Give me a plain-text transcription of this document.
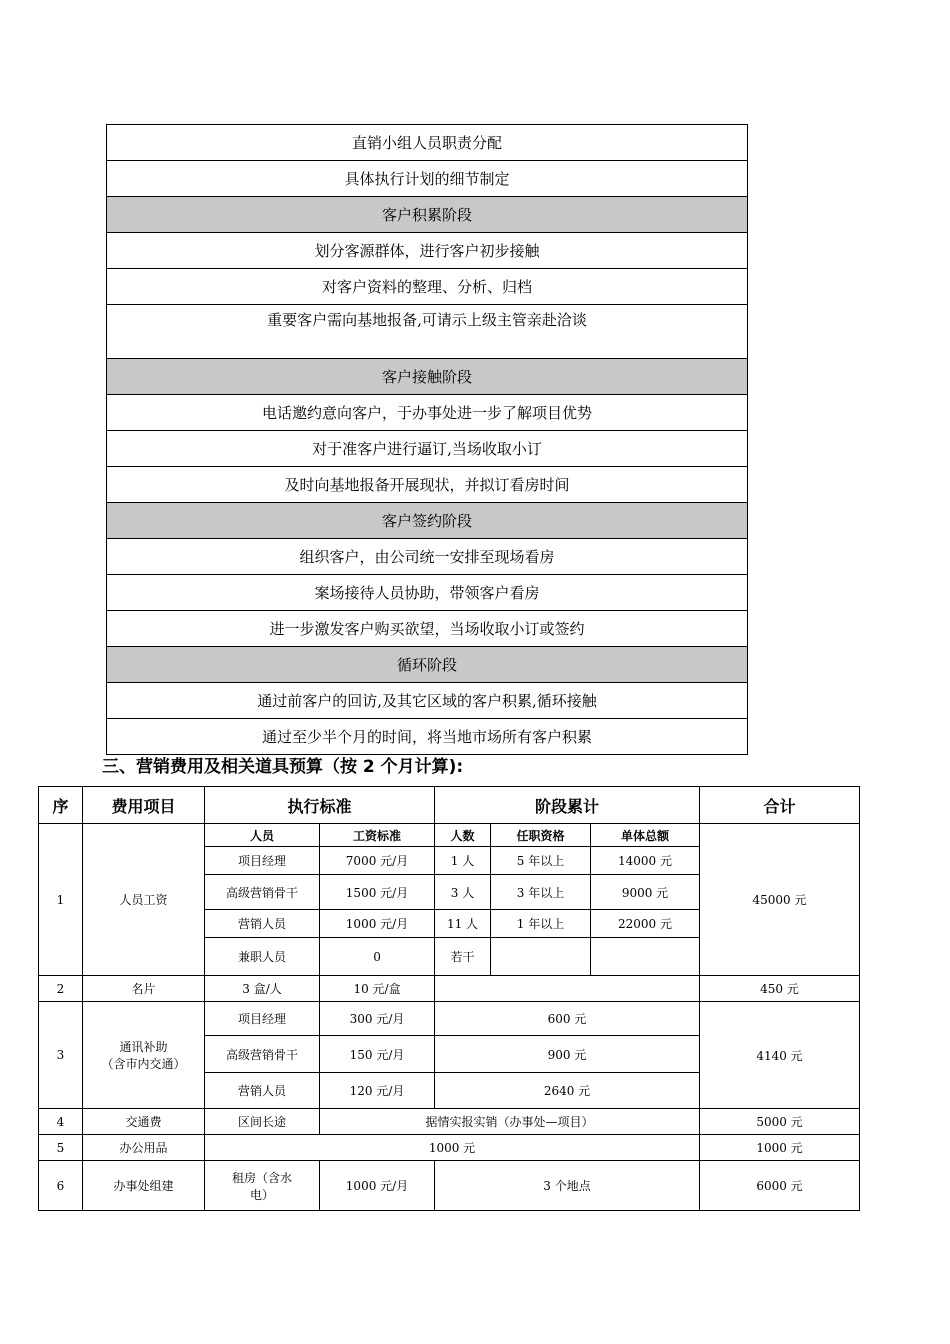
直销小组人员职责分配
具体执行计划的细节制定
客户积累阶段
划分客源群体，进行客户初步接触
对客户资料的整理、分析、归档
重要客户需向基地报备,可请示上级主管亲赴洽谈
客户接触阶段
电话邀约意向客户，于办事处进一步了解项目优势
对于准客户进行逼订,当场收取小订
及时向基地报备开展现状，并拟订看房时间
客户签约阶段
组织客户，由公司统一安排至现场看房
案场接待人员协助，带领客户看房
进一步激发客户购买欲望，当场收取小订或签约
循环阶段
通过前客户的回访,及其它区域的客户积累,循环接触
通过至少半个月的时间，将当地市场所有客户积累
三、营销费用及相关道具预算（按 2 个月计算):
序	费用项目	执行标准		阶段累计			合计
1	人员工资	人员	工资标准	人数	任职资格	单体总额	45000 元
		项目经理	7000 元/月	1 人	5 年以上	14000 元	
		高级营销骨干	1500 元/月	3 人	3 年以上	9000 元	
		营销人员	1000 元/月	11 人	1 年以上	22000 元	
		兼职人员	0	若干			
2	名片	3 盒/人	10 元/盒				450 元
3	通讯补助
（含市内交通）	项目经理	300 元/月	600 元			4140 元
		高级营销骨干	150 元/月	900 元			
		营销人员	120 元/月	2640 元			
4	交通费	区间长途	据情实报实销（办事处—项目）				5000 元
5	办公用品	1000 元					1000 元
6	办事处组建	租房（含水
电）	1000 元/月	3 个地点			6000 元
